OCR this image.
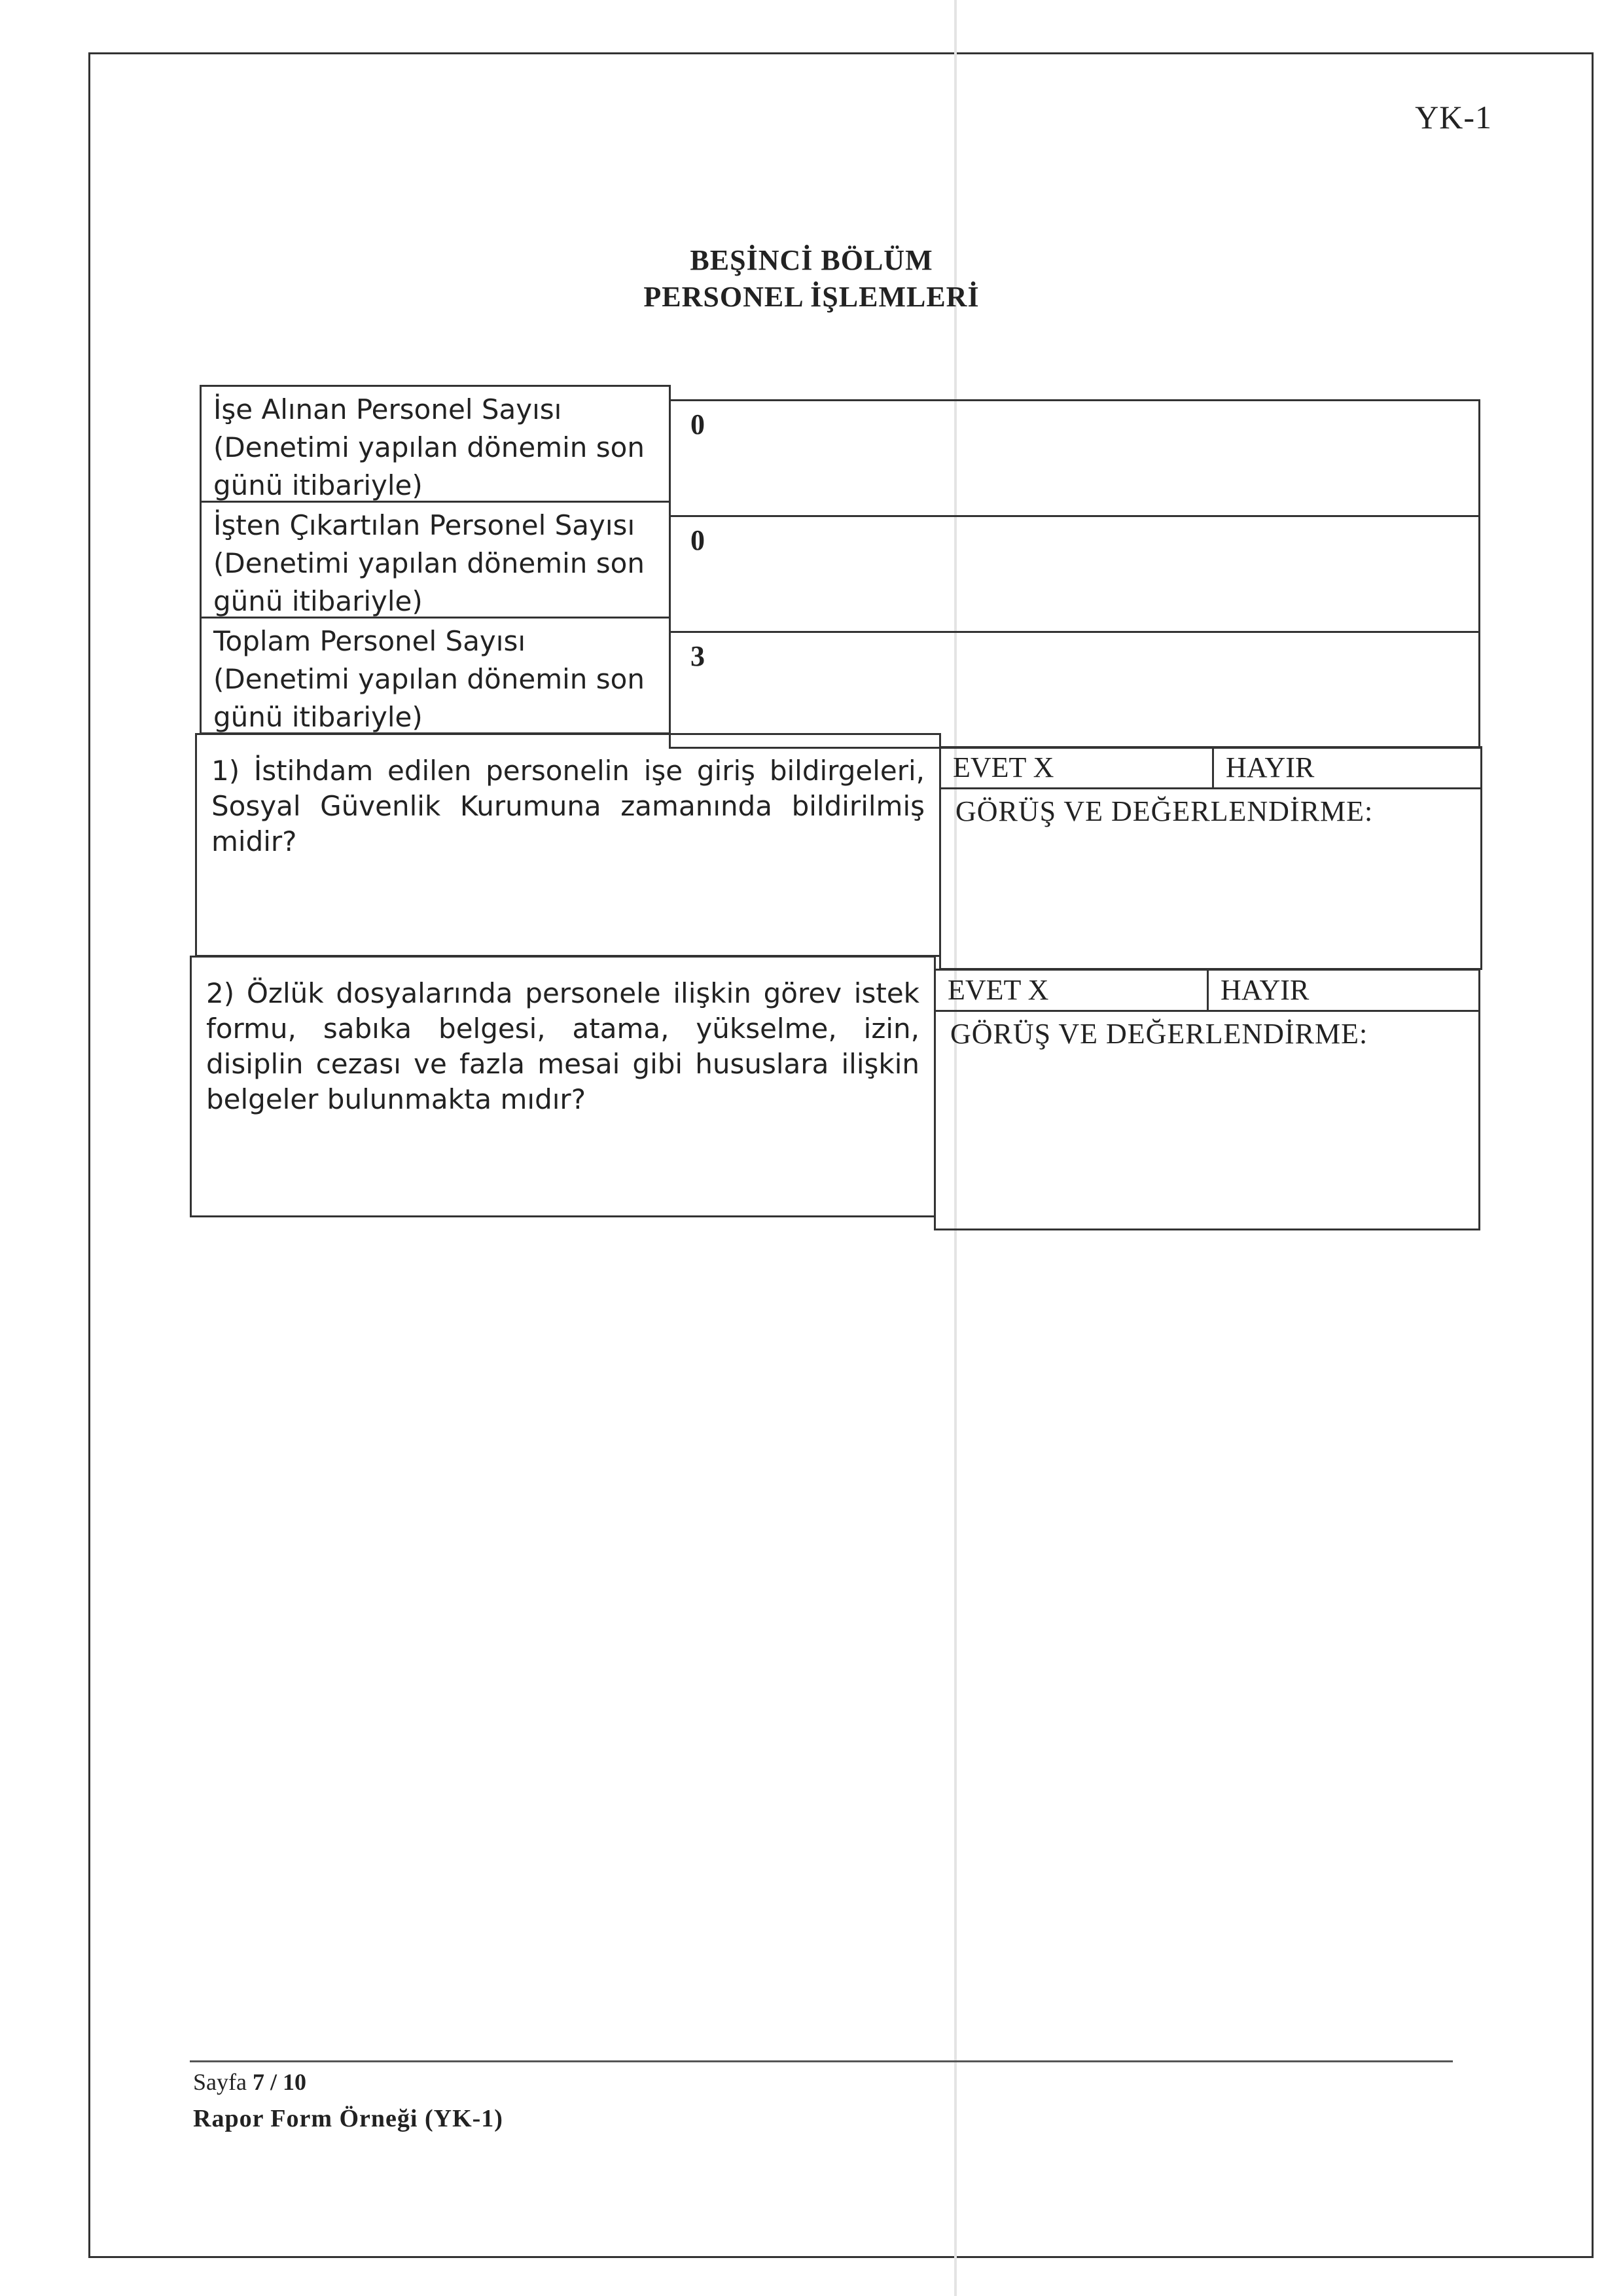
YK-1
BEŞİNCİ BÖLÜM
PERSONEL İŞLEMLERİ
İşe Alınan Personel Sayısı (Denetimi yapılan dönemin son günü itibariyle)
0
İşten Çıkartılan Personel Sayısı (Denetimi yapılan dönemin son günü itibariyle)
0
Toplam Personel Sayısı (Denetimi yapılan dönemin son günü itibariyle)
3
1) İstihdam edilen personelin işe giriş bildirgeleri, Sosyal Güvenlik Kurumuna zamanında bildirilmiş midir?
EVET X	HAYIR
GÖRÜŞ VE DEĞERLENDİRME:
2) Özlük dosyalarında personele ilişkin görev istek formu, sabıka belgesi, atama, yükselme, izin, disiplin cezası ve fazla mesai gibi hususlara ilişkin belgeler bulunmakta mıdır?
EVET X	HAYIR
GÖRÜŞ VE DEĞERLENDİRME:
Sayfa 7 / 10
Rapor Form Örneği (YK-1)
